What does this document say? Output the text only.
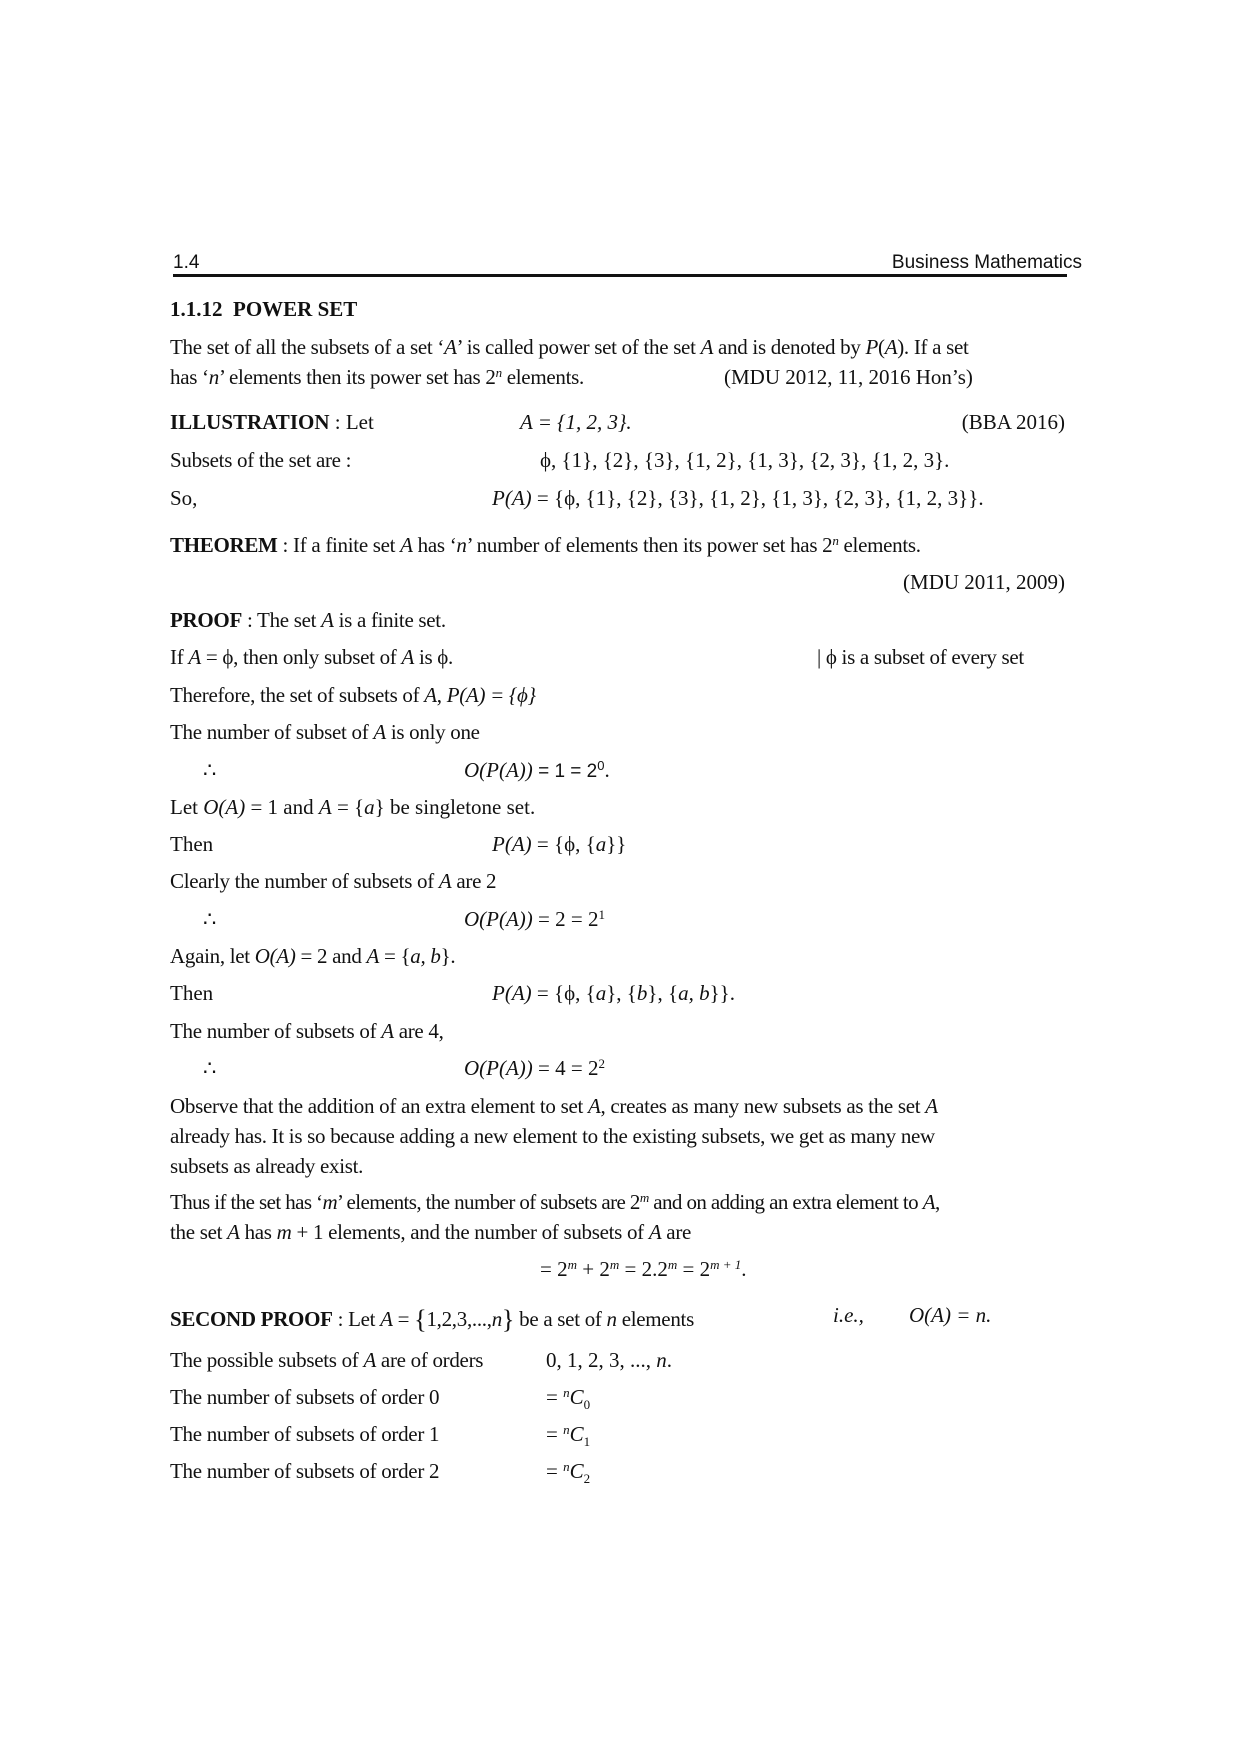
1.4	Business Mathematics
1.1.12 POWER SET
The set of all the subsets of a set ‘A’ is called power set of the set A and is denoted by P(A). If a set
has ‘n’ elements then its power set has 2$^n$ elements.	(MDU 2012, 11, 2016 Hon’s)
ILLUSTRATION : Let	A = {1, 2, 3}.	(BBA 2016)
Subsets of the set are :	ϕ, {1}, {2}, {3}, {1, 2}, {1, 3}, {2, 3}, {1, 2, 3}.
So,	P(A) = {ϕ, {1}, {2}, {3}, {1, 2}, {1, 3}, {2, 3}, {1, 2, 3}}.
THEOREM : If a finite set A has ‘n’ number of elements then its power set has 2$^n$ elements.
(MDU 2011, 2009)
PROOF : The set A is a finite set.
If A = ϕ, then only subset of A is ϕ.	| ϕ is a subset of every set
Therefore, the set of subsets of A, P(A) = {ϕ}
The number of subset of A is only one
∴	$O(P(A)) = 1 = 2^0$.
Let O(A) = 1 and A = {a} be singletone set.
Then	P(A) = {ϕ, {a}}
Clearly the number of subsets of A are 2
∴	$O(P(A)) = 2 = 2^1$
Again, let O(A) = 2 and A = {a, b}.
Then	P(A) = {ϕ, {a}, {b}, {a, b}}.
The number of subsets of A are 4,
∴	$O(P(A)) = 4 = 2^2$
Observe that the addition of an extra element to set A, creates as many new subsets as the set A
already has. It is so because adding a new element to the existing subsets, we get as many new
subsets as already exist.
Thus if the set has ‘m’ elements, the number of subsets are 2$^m$ and on adding an extra element to A,
the set A has m + 1 elements, and the number of subsets of A are
= $2^m + 2^m = 2.2^m = 2^{m + 1}$.
SECOND PROOF : Let A = {1,2,3,...,n} be a set of n elements	i.e., O(A) = n.
The possible subsets of A are of orders	0, 1, 2, 3, ..., n.
The number of subsets of order 0	= $^nC_0$
The number of subsets of order 1	= $^nC_1$
The number of subsets of order 2	= $^nC_2$
